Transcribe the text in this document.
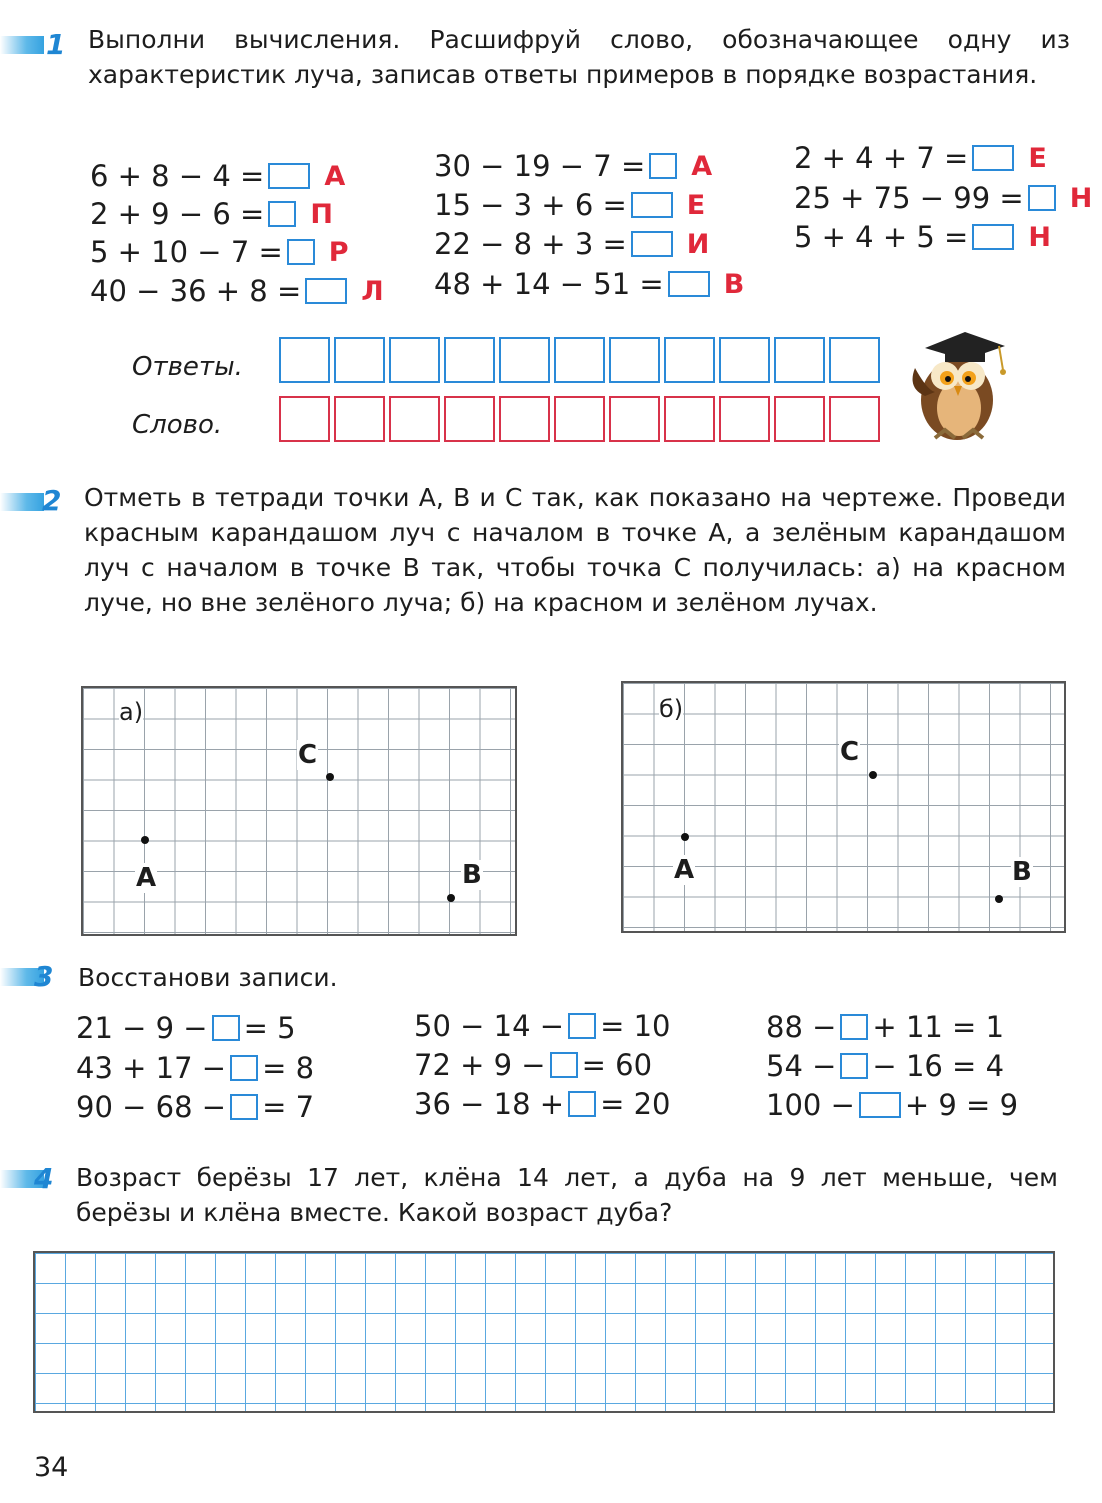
1 Выполни вычисления. Расшифруй слово, обозначающее одну из характеристик луча, записав ответы примеров в порядке возрастания.
6 + 8 − 4 = А
2 + 9 − 6 = П
5 + 10 − 7 = Р
40 − 36 + 8 = Л
30 − 19 − 7 = А
15 − 3 + 6 = Е
22 − 8 + 3 = И
48 + 14 − 51 = В
2 + 4 + 7 = Е
25 + 75 − 99 = Н
5 + 4 + 5 = Н
Ответы.
Слово.
2 Отметь в тетради точки А, В и С так, как показано на чертеже. Проведи красным карандашом луч с началом в точке А, а зелёным карандашом луч с началом в точке В так, чтобы точка С получилась: а) на красном луче, но вне зелёного луча; б) на красном и зелёном лучах.
а)
А
С
В
б)
А
С
В
3 Восстанови записи.
21 − 9 − = 5
43 + 17 − = 8
90 − 68 − = 7
50 − 14 − = 10
72 + 9 − = 60
36 − 18 + = 20
88 − + 11 = 1
54 − − 16 = 4
100 − + 9 = 9
4 Возраст берёзы 17 лет, клёна 14 лет, а дуба на 9 лет меньше, чем берёзы и клёна вместе. Какой возраст дуба?
34
